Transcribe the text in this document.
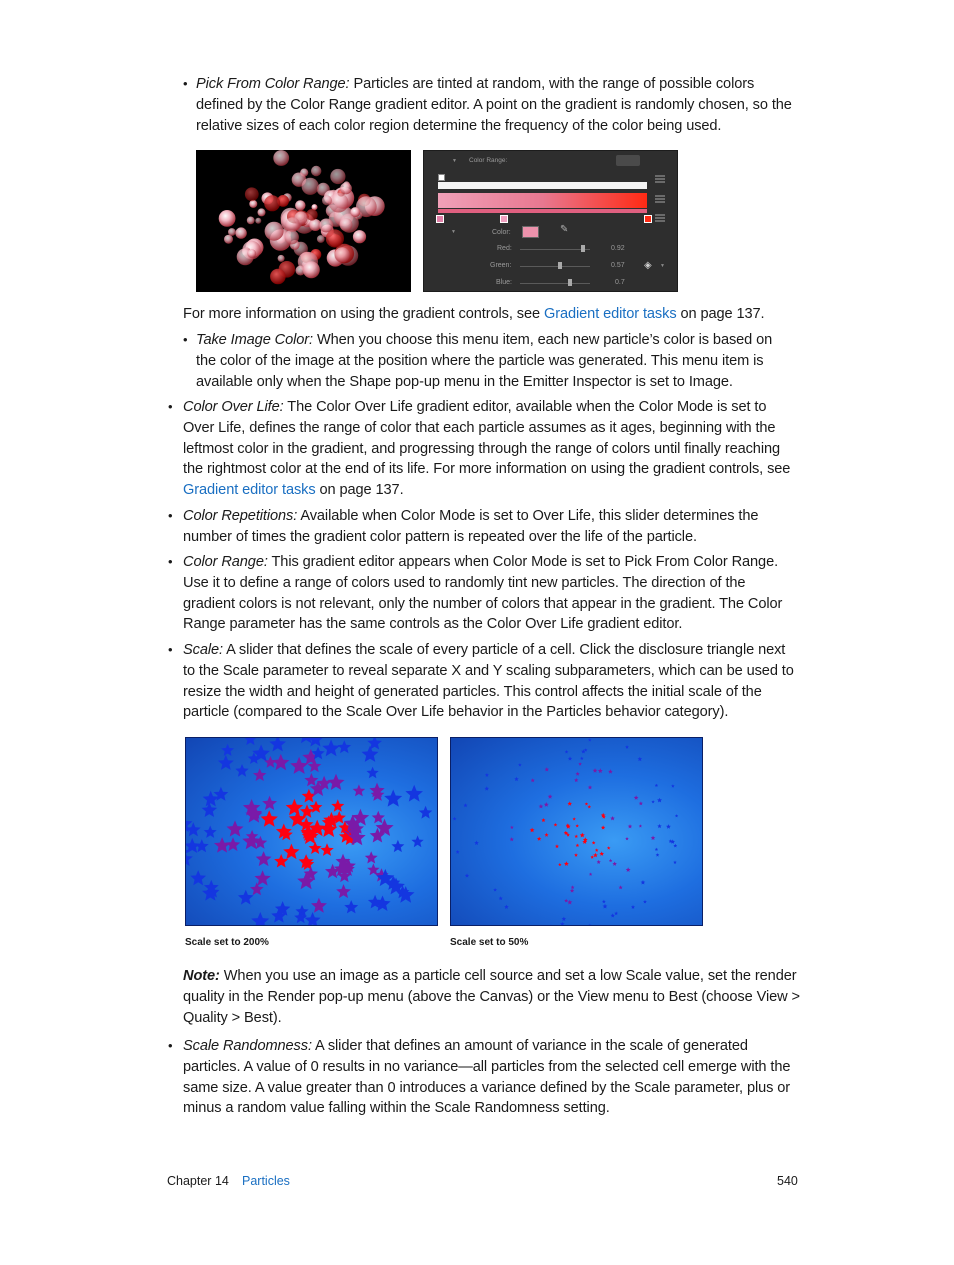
• Pick From Color Range: Particles are tinted at random, with the range of possible colors defined by the Color Range gradient editor. A point on the gradient is randomly chosen, so the relative sizes of each color region determine the frequency of the color being used.

▼ Color Range:
▼	Color:	✎
Red:	0.92
Green:	0.57
Blue:	0.7
◈ ▼

For more information on using the gradient controls, see Gradient editor tasks on page 137.

• Take Image Color: When you choose this menu item, each new particle’s color is based on the color of the image at the position where the particle was generated. This menu item is available only when the Shape pop-up menu in the Emitter Inspector is set to Image.

• Color Over Life: The Color Over Life gradient editor, available when the Color Mode is set to Over Life, defines the range of color that each particle assumes as it ages, beginning with the leftmost color in the gradient, and progressing through the range of colors until finally reaching the rightmost color at the end of its life. For more information on using the gradient controls, see Gradient editor tasks on page 137.

• Color Repetitions: Available when Color Mode is set to Over Life, this slider determines the number of times the gradient color pattern is repeated over the life of the particle.

• Color Range: This gradient editor appears when Color Mode is set to Pick From Color Range. Use it to define a range of colors used to randomly tint new particles. The direction of the gradient colors is not relevant, only the number of colors that appear in the gradient. The Color Range parameter has the same controls as the Color Over Life gradient editor.

• Scale: A slider that defines the scale of every particle of a cell. Click the disclosure triangle next to the Scale parameter to reveal separate X and Y scaling subparameters, which can be used to resize the width and height of generated particles. This control affects the initial scale of the particle (compared to the Scale Over Life behavior in the Particles behavior category).

Scale set to 200%	Scale set to 50%

Note: When you use an image as a particle cell source and set a low Scale value, set the render quality in the Render pop-up menu (above the Canvas) or the View menu to Best (choose View > Quality > Best).

• Scale Randomness: A slider that defines an amount of variance in the scale of generated particles. A value of 0 results in no variance—all particles from the selected cell emerge with the same size. A value greater than 0 introduces a variance defined by the Scale parameter, plus or minus a random value falling within the Scale Randomness setting.

Chapter 14 Particles	540
